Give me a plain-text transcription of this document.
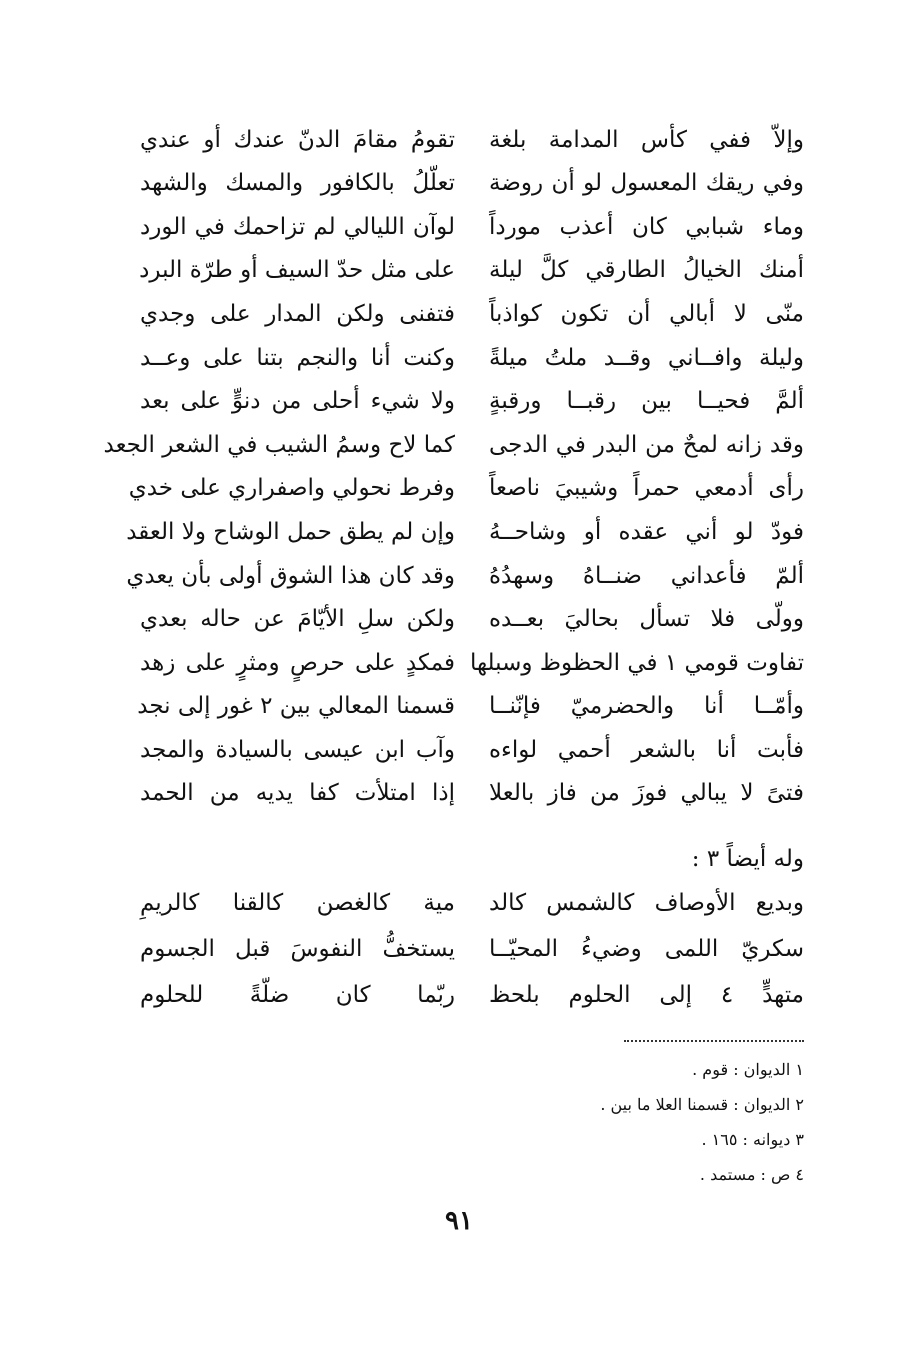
وإلاّ ففي كأس المدامة بلغة
تقومُ مقامَ الدنّ عندك أو عندي
وفي ريقك المعسول لو أن روضة
تعلّلُ بالكافور والمسك والشهد
وماء شبابي كان أعذب مورداً
لوآن الليالي لم تزاحمك في الورد
أمنك الخيالُ الطارقي كلَّ ليلة
على مثل حدّ السيف أو طرّة البرد
منّى لا أبالي أن تكون كواذباً
فتفنى ولكن المدار على وجدي
وليلة وافــاني وقــد ملتُ ميلةً
وكنت أنا والنجم بتنا على وعــد
ألمَّ فحيــا بين رقبــا ورقبةٍ
ولا شيء أحلى من دنوٍّ على بعد
وقد زانه لمحٌ من البدر في الدجى
كما لاح وسمُ الشيب في الشعر الجعد
رأى أدمعي حمراً وشيبيَ ناصعاً
وفرط نحولي واصفراري على خدي
فودّ لو أني عقده أو وشاحــهُ
وإن لم يطق حمل الوشاح ولا العقد
ألمّ فأعداني ضنــاهُ وسهدُهُ
وقد كان هذا الشوق أولى بأن يعدي
وولّى فلا تسأل بحاليَ بعــده
ولكن سلِ الأيّامَ عن حاله بعدي
تفاوت قومي ١ في الحظوظ وسبلها
فمكدٍ على حرصٍ ومثرٍ على زهد
وأمّــا أنا والحضرميّ فإنّنــا
قسمنا المعالي بين ٢ غور إلى نجد
فأبت أنا بالشعر أحمي لواءه
وآب ابن عيسى بالسيادة والمجد
فتىً لا يبالي فوزَ من فاز بالعلا
إذا امتلأت كفا يديه من الحمد
وله أيضاً ٣ :
وبديع الأوصاف كالشمس كالد
مية كالغصن كالقنا كالريمِ
سكريّ اللمى وضيءُ المحيّــا
يستخفُّ النفوسَ قبل الجسوم
متهدٍّ ٤ إلى الحلوم بلحظ
ربّما كان ضلّةً للحلوم
١ الديوان : قوم .
٢ الديوان : قسمنا العلا ما بين .
٣ ديوانه : ١٦٥ .
٤ ص : مستمد .
٩١
